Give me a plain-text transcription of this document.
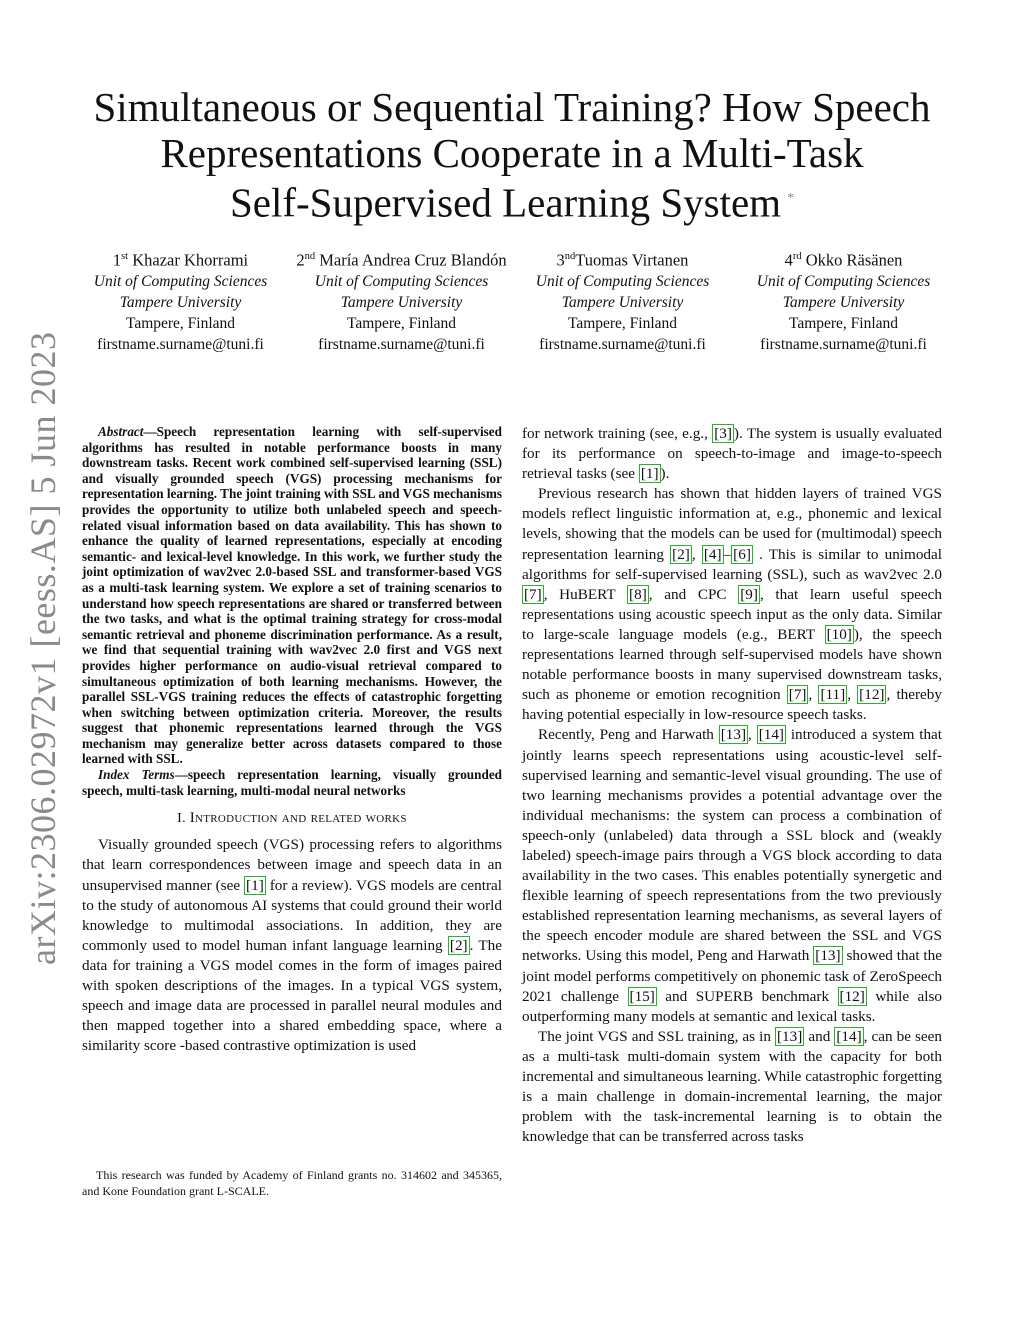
arXiv:2306.02972v1 [eess.AS] 5 Jun 2023
Simultaneous or Sequential Training? How Speech
Representations Cooperate in a Multi-Task
Self-Supervised Learning System *
1st Khazar Khorrami
Unit of Computing Sciences
Tampere University
Tampere, Finland
firstname.surname@tuni.fi
2nd María Andrea Cruz Blandón
Unit of Computing Sciences
Tampere University
Tampere, Finland
firstname.surname@tuni.fi
3ndTuomas Virtanen
Unit of Computing Sciences
Tampere University
Tampere, Finland
firstname.surname@tuni.fi
4rd Okko Räsänen
Unit of Computing Sciences
Tampere University
Tampere, Finland
firstname.surname@tuni.fi

Abstract—Speech representation learning with self-supervised algorithms has resulted in notable performance boosts in many downstream tasks. Recent work combined self-supervised learning (SSL) and visually grounded speech (VGS) processing mechanisms for representation learning. The joint training with SSL and VGS mechanisms provides the opportunity to utilize both unlabeled speech and speech-related visual information based on data availability. This has shown to enhance the quality of learned representations, especially at encoding semantic- and lexical-level knowledge. In this work, we further study the joint optimization of wav2vec 2.0-based SSL and transformer-based VGS as a multi-task learning system. We explore a set of training scenarios to understand how speech representations are shared or transferred between the two tasks, and what is the optimal training strategy for cross-modal semantic retrieval and phoneme discrimination performance. As a result, we find that sequential training with wav2vec 2.0 first and VGS next provides higher performance on audio-visual retrieval compared to simultaneous optimization of both learning mechanisms. However, the parallel SSL-VGS training reduces the effects of catastrophic forgetting when switching between optimization criteria. Moreover, the results suggest that phonemic representations learned through the VGS mechanism may generalize better across datasets compared to those learned with SSL.

Index Terms—speech representation learning, visually grounded speech, multi-task learning, multi-modal neural networks

I. Introduction and related works

Visually grounded speech (VGS) processing refers to algorithms that learn correspondences between image and speech data in an unsupervised manner (see [1] for a review). VGS models are central to the study of autonomous AI systems that could ground their world knowledge to multimodal associations. In addition, they are commonly used to model human infant language learning [2] . The data for training a VGS model comes in the form of images paired with spoken descriptions of the images. In a typical VGS system, speech and image data are processed in parallel neural modules and then mapped together into a shared embedding space, where a similarity score -based contrastive optimization is used

This research was funded by Academy of Finland grants no. 314602 and 345365, and Kone Foundation grant L-SCALE.

for network training (see, e.g., [3] ). The system is usually evaluated for its performance on speech-to-image and image-to-speech retrieval tasks (see [1] ).

Previous research has shown that hidden layers of trained VGS models reflect linguistic information at, e.g., phonemic and lexical levels, showing that the models can be used for (multimodal) speech representation learning [2] , [4] – [6] . This is similar to unimodal algorithms for self-supervised learning (SSL), such as wav2vec 2.0 [7] , HuBERT [8] , and CPC [9] , that learn useful speech representations using acoustic speech input as the only data. Similar to large-scale language models (e.g., BERT [10] ), the speech representations learned through self-supervised models have shown notable performance boosts in many supervised downstream tasks, such as phoneme or emotion recognition [7] , [11] , [12] , thereby having potential especially in low-resource speech tasks.

Recently, Peng and Harwath [13] , [14] introduced a system that jointly learns speech representations using acoustic-level self-supervised learning and semantic-level visual grounding. The use of two learning mechanisms provides a potential advantage over the individual mechanisms: the system can process a combination of speech-only (unlabeled) data through a SSL block and (weakly labeled) speech-image pairs through a VGS block according to data availability in the two cases. This enables potentially synergetic and flexible learning of speech representations from the two previously established representation learning mechanisms, as several layers of the speech encoder module are shared between the SSL and VGS networks. Using this model, Peng and Harwath [13] showed that the joint model performs competitively on phonemic task of ZeroSpeech 2021 challenge [15] and SUPERB benchmark [12] while also outperforming many models at semantic and lexical tasks.

The joint VGS and SSL training, as in [13] and [14] , can be seen as a multi-task multi-domain system with the capacity for both incremental and simultaneous learning. While catastrophic forgetting is a main challenge in domain-incremental learning, the major problem with the task-incremental learning is to obtain the knowledge that can be transferred across tasks
